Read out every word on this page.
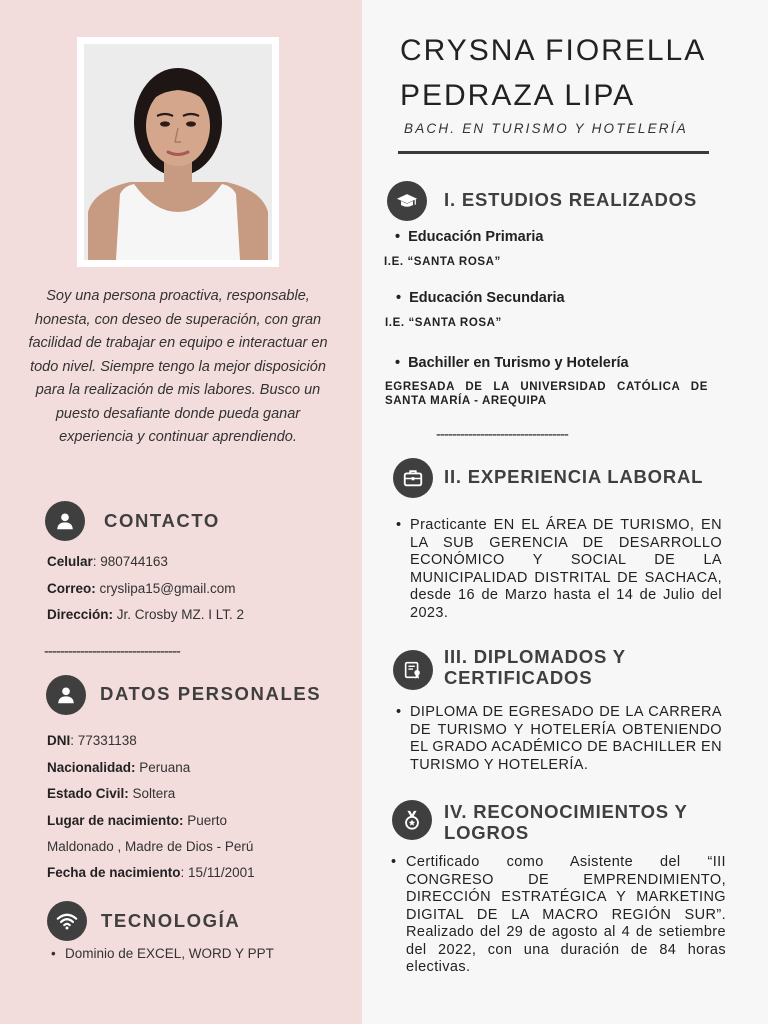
Soy una persona proactiva, responsable, honesta, con deseo de superación, con gran facilidad de trabajar en equipo e interactuar en todo nivel. Siempre tengo la mejor disposición para la realización de mis labores. Busco un puesto desafiante donde pueda ganar experiencia y continuar aprendiendo.

CONTACTO
Celular: 980744163
Correo: cryslipa15@gmail.com
Dirección: Jr. Crosby MZ. I LT. 2
----------------------------------
DATOS PERSONALES
DNI: 77331138
Nacionalidad: Peruana
Estado Civil: Soltera
Lugar de nacimiento: Puerto
Maldonado , Madre de Dios - Perú
Fecha de nacimiento: 15/11/2001
TECNOLOGÍA
• Dominio de EXCEL, WORD Y PPT
CRYSNA FIORELLA
PEDRAZA LIPA
BACH. EN TURISMO Y HOTELERÍA
I. ESTUDIOS REALIZADOS
• Educación Primaria
I.E. “SANTA ROSA”
• Educación Secundaria
I.E. “SANTA ROSA”
• Bachiller en Turismo y Hotelería
EGRESADA DE LA UNIVERSIDAD CATÓLICA DE SANTA MARÍA - AREQUIPA
---------------------------------
II. EXPERIENCIA LABORAL
• Practicante EN EL ÁREA DE TURISMO, EN LA SUB GERENCIA DE DESARROLLO ECONÓMICO Y SOCIAL DE LA MUNICIPALIDAD DISTRITAL DE SACHACA, desde 16 de Marzo hasta el 14 de Julio del 2023.

III. DIPLOMADOS Y
CERTIFICADOS
• DIPLOMA DE EGRESADO DE LA CARRERA DE TURISMO Y HOTELERÍA OBTENIENDO EL GRADO ACADÉMICO DE BACHILLER EN TURISMO Y HOTELERÍA.

IV. RECONOCIMIENTOS Y
LOGROS
• Certificado como Asistente del “III CONGRESO DE EMPRENDIMIENTO, DIRECCIÓN ESTRATÉGICA Y MARKETING DIGITAL DE LA MACRO REGIÓN SUR”. Realizado del 29 de agosto al 4 de setiembre del 2022, con una duración de 84 horas electivas.
